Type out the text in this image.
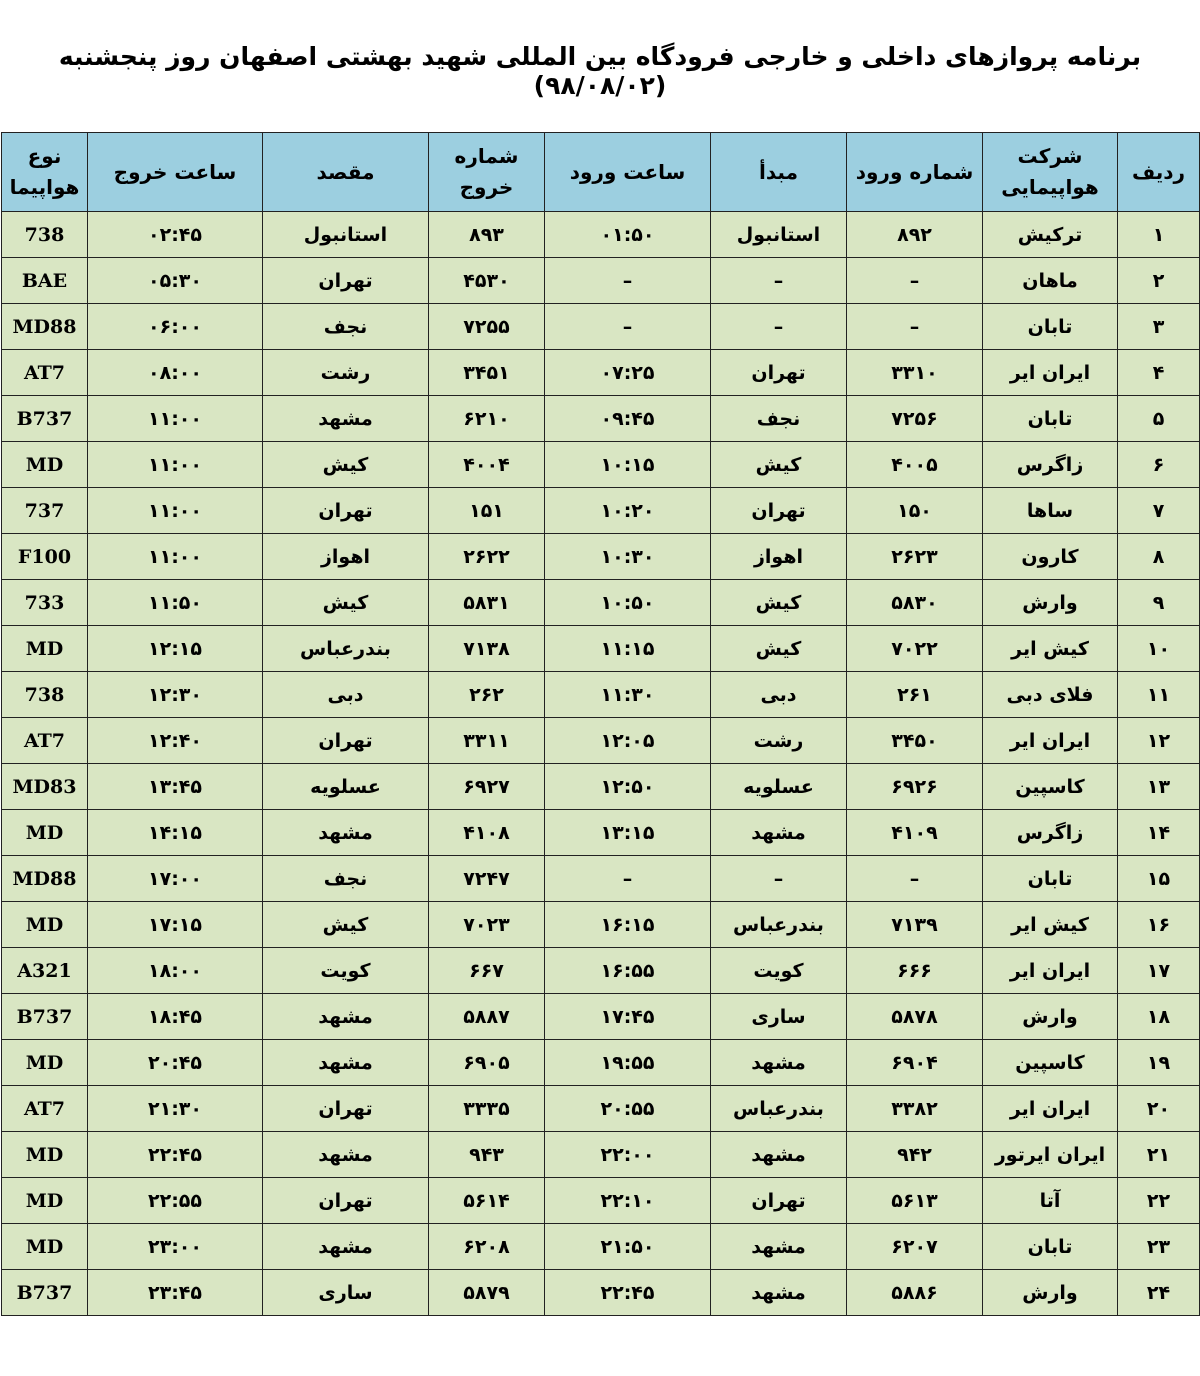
برنامه پروازهای داخلی و خارجی فرودگاه بین المللی شهید بهشتی اصفهان روز پنجشنبه (۹۸/۰۸/۰۲)
ردیف	شرکت هواپیمایی	شماره ورود	مبدأ	ساعت ورود	شماره خروج	مقصد	ساعت خروج	نوع هواپیما
۱	ترکیش	۸۹۲	استانبول	۰۱:۵۰	۸۹۳	استانبول	۰۲:۴۵	738
۲	ماهان	–	–	–	۴۵۳۰	تهران	۰۵:۳۰	BAE
۳	تابان	–	–	–	۷۲۵۵	نجف	۰۶:۰۰	MD88
۴	ایران ایر	۳۳۱۰	تهران	۰۷:۲۵	۳۴۵۱	رشت	۰۸:۰۰	AT7
۵	تابان	۷۲۵۶	نجف	۰۹:۴۵	۶۲۱۰	مشهد	۱۱:۰۰	B737
۶	زاگرس	۴۰۰۵	کیش	۱۰:۱۵	۴۰۰۴	کیش	۱۱:۰۰	MD
۷	ساها	۱۵۰	تهران	۱۰:۲۰	۱۵۱	تهران	۱۱:۰۰	737
۸	کارون	۲۶۲۳	اهواز	۱۰:۳۰	۲۶۲۲	اهواز	۱۱:۰۰	F100
۹	وارش	۵۸۳۰	کیش	۱۰:۵۰	۵۸۳۱	کیش	۱۱:۵۰	733
۱۰	کیش ایر	۷۰۲۲	کیش	۱۱:۱۵	۷۱۳۸	بندرعباس	۱۲:۱۵	MD
۱۱	فلای دبی	۲۶۱	دبی	۱۱:۳۰	۲۶۲	دبی	۱۲:۳۰	738
۱۲	ایران ایر	۳۴۵۰	رشت	۱۲:۰۵	۳۳۱۱	تهران	۱۲:۴۰	AT7
۱۳	کاسپین	۶۹۲۶	عسلویه	۱۲:۵۰	۶۹۲۷	عسلویه	۱۳:۴۵	MD83
۱۴	زاگرس	۴۱۰۹	مشهد	۱۳:۱۵	۴۱۰۸	مشهد	۱۴:۱۵	MD
۱۵	تابان	–	–	–	۷۲۴۷	نجف	۱۷:۰۰	MD88
۱۶	کیش ایر	۷۱۳۹	بندرعباس	۱۶:۱۵	۷۰۲۳	کیش	۱۷:۱۵	MD
۱۷	ایران ایر	۶۶۶	کویت	۱۶:۵۵	۶۶۷	کویت	۱۸:۰۰	A321
۱۸	وارش	۵۸۷۸	ساری	۱۷:۴۵	۵۸۸۷	مشهد	۱۸:۴۵	B737
۱۹	کاسپین	۶۹۰۴	مشهد	۱۹:۵۵	۶۹۰۵	مشهد	۲۰:۴۵	MD
۲۰	ایران ایر	۳۳۸۲	بندرعباس	۲۰:۵۵	۳۳۳۵	تهران	۲۱:۳۰	AT7
۲۱	ایران ایرتور	۹۴۲	مشهد	۲۲:۰۰	۹۴۳	مشهد	۲۲:۴۵	MD
۲۲	آتا	۵۶۱۳	تهران	۲۲:۱۰	۵۶۱۴	تهران	۲۲:۵۵	MD
۲۳	تابان	۶۲۰۷	مشهد	۲۱:۵۰	۶۲۰۸	مشهد	۲۳:۰۰	MD
۲۴	وارش	۵۸۸۶	مشهد	۲۲:۴۵	۵۸۷۹	ساری	۲۳:۴۵	B737
